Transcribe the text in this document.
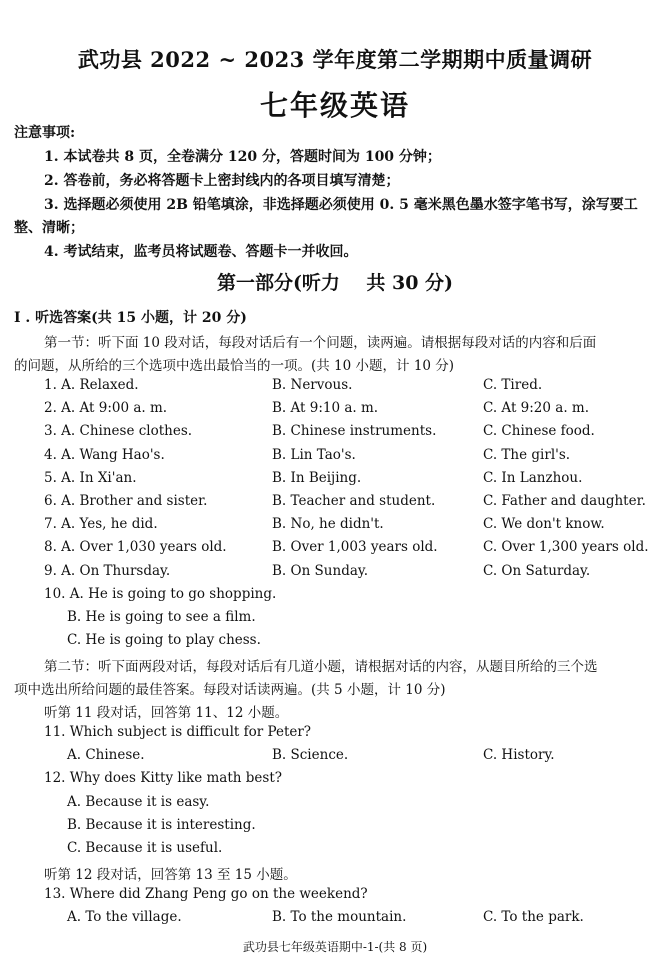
武功县 2022 ~ 2023 学年度第二学期期中质量调研
七年级英语
注意事项:
1. 本试卷共 8 页，全卷满分 120 分，答题时间为 100 分钟；
2. 答卷前，务必将答题卡上密封线内的各项目填写清楚；
3. 选择题必须使用 2B 铅笔填涂，非选择题必须使用 0. 5 毫米黑色墨水签字笔书写，涂写要工
整、清晰；
4. 考试结束，监考员将试题卷、答题卡一并收回。
第一部分(听力    共 30 分)
I . 听选答案(共 15 小题，计 20 分)
第一节：听下面 10 段对话，每段对话后有一个问题，读两遍。请根据每段对话的内容和后面
的问题，从所给的三个选项中选出最恰当的一项。(共 10 小题，计 10 分)
1. A. Relaxed.	B. Nervous.	C. Tired.
2. A. At 9:00 a. m.	B. At 9:10 a. m.	C. At 9:20 a. m.
3. A. Chinese clothes.	B. Chinese instruments.	C. Chinese food.
4. A. Wang Hao's.	B. Lin Tao's.	C. The girl's.
5. A. In Xi'an.	B. In Beijing.	C. In Lanzhou.
6. A. Brother and sister.	B. Teacher and student.	C. Father and daughter.
7. A. Yes, he did.	B. No, he didn't.	C. We don't know.
8. A. Over 1,030 years old.	B. Over 1,003 years old.	C. Over 1,300 years old.
9. A. On Thursday.	B. On Sunday.	C. On Saturday.
10. A. He is going to go shopping.
B. He is going to see a film.
C. He is going to play chess.
第二节：听下面两段对话，每段对话后有几道小题，请根据对话的内容，从题目所给的三个选
项中选出所给问题的最佳答案。每段对话读两遍。(共 5 小题，计 10 分)
听第 11 段对话，回答第 11、12 小题。
11. Which subject is difficult for Peter?
A. Chinese.	B. Science.	C. History.
12. Why does Kitty like math best?
A. Because it is easy.
B. Because it is interesting.
C. Because it is useful.
听第 12 段对话，回答第 13 至 15 小题。
13. Where did Zhang Peng go on the weekend?
A. To the village.	B. To the mountain.	C. To the park.
武功县七年级英语期中-1-(共 8 页)
